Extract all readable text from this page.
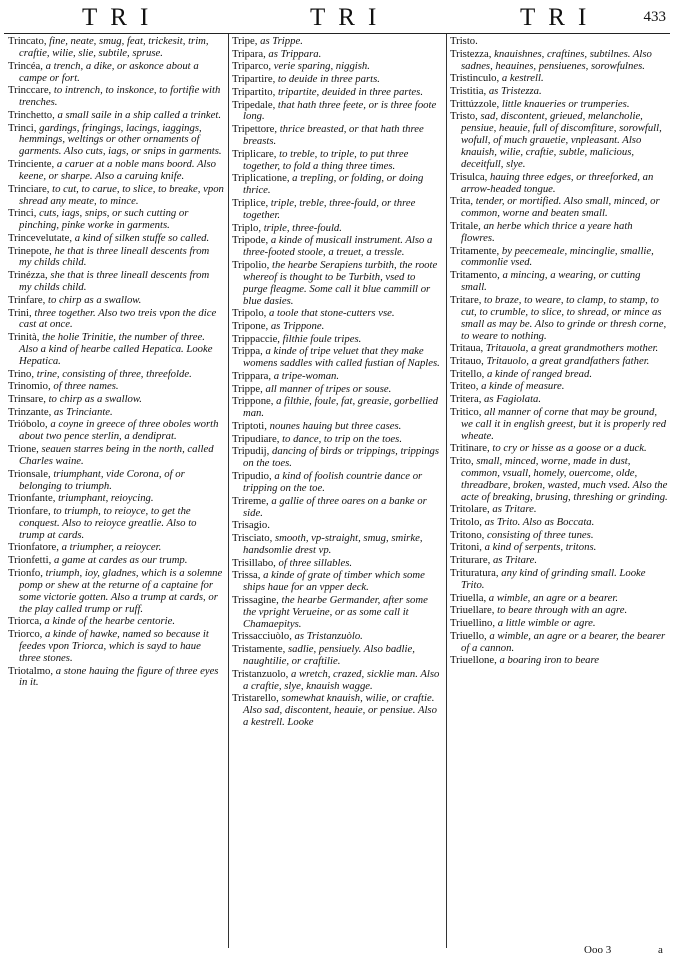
TRI	TRI	TRI	433
Trincato, fine, neate, smug, feat, trickesit, trim, craftie, wilie, slie, subtile, spruse.
Trincéa, a trench, a dike, or askonce about a campe or fort.
Trinccare, to intrench, to inskonce, to fortifie with trenches.
Trinchetto, a small saile in a ship called a trinket.
Trinci, gardings, fringings, lacings, iaggings, hemmings, weltings or other ornaments of garments. Also cuts, iags, or snips in garments.
Trinciente, a caruer at a noble mans boord. Also keene, or sharpe. Also a caruing knife.
Trinciare, to cut, to carue, to slice, to breake, vpon shread any meate, to mince.
Trinci, cuts, iags, snips, or such cutting or pinching, pinke worke in garments.
Trincevelutate, a kind of silken stuffe so called.
Trinepote, he that is three lineall descents from my childs child.
Trinézza, she that is three lineall descents from my childs child.
Trinfare, to chirp as a swallow.
Trini, three together. Also two treis vpon the dice cast at once.
Trinità, the holie Trinitie, the number of three. Also a kind of hearbe called Hepatica. Looke Hepatica.
Trino, trine, consisting of three, threefolde.
Trinomio, of three names.
Trinsare, to chirp as a swallow.
Trinzante, as Trinciante.
Trióbolo, a coyne in greece of three oboles worth about two pence sterlin, a dendiprat.
Trione, seauen starres being in the north, called Charles waine.
Trionsale, triumphant, vide Corona, of or belonging to triumph.
Trionfante, triumphant, reioycing.
Trionfare, to triumph, to reioyce, to get the conquest. Also to reioyce greatlie. Also to trump at cards.
Trionfatore, a triumpher, a reioycer.
Trionfetti, a game at cardes as our trump.
Trionfo, triumph, ioy, gladnes, which is a solemne pomp or shew at the returne of a captaine for some victorie gotten. Also a trump at cards, or the play called trump or ruff.
Triorca, a kinde of the hearbe centorie.
Triorco, a kinde of hawke, named so because it feedes vpon Triorca, which is sayd to haue three stones.
Triotalmo, a stone hauing the figure of three eyes in it.
Tripe, as Trippe.
Tripara, as Trippara.
Triparco, verie sparing, niggish.
Tripartire, to deuide in three parts.
Tripartito, tripartite, deuided in three partes.
Tripedale, that hath three feete, or is three foote long.
Tripettore, thrice breasted, or that hath three breasts.
Triplicare, to treble, to triple, to put three together, to fold a thing three times.
Triplicatione, a trepling, or folding, or doing thrice.
Triplice, triple, treble, three-fould, or three together.
Triplo, triple, three-fould.
Tripode, a kinde of musicall instrument. Also a three-footed stoole, a treuet, a tressle.
Tripolio, the hearbe Serapiens turbith, the roote whereof is thought to be Turbith, vsed to purge fleagme. Some call it blue cammill or blue dasies.
Tripolo, a toole that stone-cutters vse.
Tripone, as Trippone.
Trippaccie, filthie foule tripes.
Trippa, a kinde of tripe veluet that they make womens saddles with called fustian of Naples.
Trippara, a tripe-woman.
Trippe, all manner of tripes or souse.
Trippone, a filthie, foule, fat, greasie, gorbellied man.
Triptoti, nounes hauing but three cases.
Tripudiare, to dance, to trip on the toes.
Tripudij, dancing of birds or trippings, trippings on the toes.
Tripudio, a kind of foolish countrie dance or tripping on the toe.
Trireme, a gallie of three oares on a banke or side.
Trisagio.
Trisciato, smooth, vp-straight, smug, smirke, handsomlie drest vp.
Trisillabo, of three sillables.
Trissa, a kinde of grate of timber which some ships haue for an vpper deck.
Trissagine, the hearbe Germander, after some the vpright Verueine, or as some call it Chamaepitys.
Trissacciuòlo, as Tristanzuòlo.
Tristamente, sadlie, pensiuely. Also badlie, naughtilie, or craftilie.
Tristanzuolo, a wretch, crazed, sicklie man. Also a craftie, slye, knauish wagge.
Tristarello, somewhat knauish, wilie, or craftie. Also sad, discontent, heauie, or pensiue. Also a kestrell. Looke
Tristo.
Tristezza, knauishnes, craftines, subtilnes. Also sadnes, heauines, pensiuenes, sorowfulnes.
Tristinculo, a kestrell.
Tristitia, as Tristezza.
Trittúzzole, little knaueries or trumperies.
Tristo, sad, discontent, grieued, melancholie, pensiue, heauie, full of discomfiture, sorowfull, wofull, of much grauetie, vnpleasant. Also knauish, wilie, craftie, subtle, malicious, deceitfull, slye.
Trisulca, hauing three edges, or threeforked, an arrow-headed tongue.
Trita, tender, or mortified. Also small, minced, or common, worne and beaten small.
Tritale, an herbe which thrice a yeare hath flowres.
Tritamente, by peecemeale, mincinglie, smallie, commonlie vsed.
Tritamento, a mincing, a wearing, or cutting small.
Tritare, to braze, to weare, to clamp, to stamp, to cut, to crumble, to slice, to shread, or mince as small as may be. Also to grinde or thresh corne, to weare to nothing.
Tritaua, Tritauola, a great grandmothers mother.
Tritauo, Tritauolo, a great grandfathers father.
Tritello, a kinde of ranged bread.
Triteo, a kinde of measure.
Tritera, as Fagiolata.
Tritico, all manner of corne that may be ground, we call it in english greest, but it is properly red wheate.
Tritinare, to cry or hisse as a goose or a duck.
Trito, small, minced, worne, made in dust, common, vsuall, homely, ouercome, olde, threadbare, broken, wasted, much vsed. Also the acte of breaking, brusing, threshing or grinding.
Tritolare, as Tritare.
Tritolo, as Trito. Also as Boccata.
Tritono, consisting of three tunes.
Tritoni, a kind of serpents, tritons.
Triturare, as Tritare.
Trituratura, any kind of grinding small. Looke Trito.
Triuella, a wimble, an agre or a bearer.
Triuellare, to beare through with an agre.
Triuellino, a little wimble or agre.
Triuello, a wimble, an agre or a bearer, the bearer of a cannon.
Triuellone, a boaring iron to beare
Ooo 3	a
